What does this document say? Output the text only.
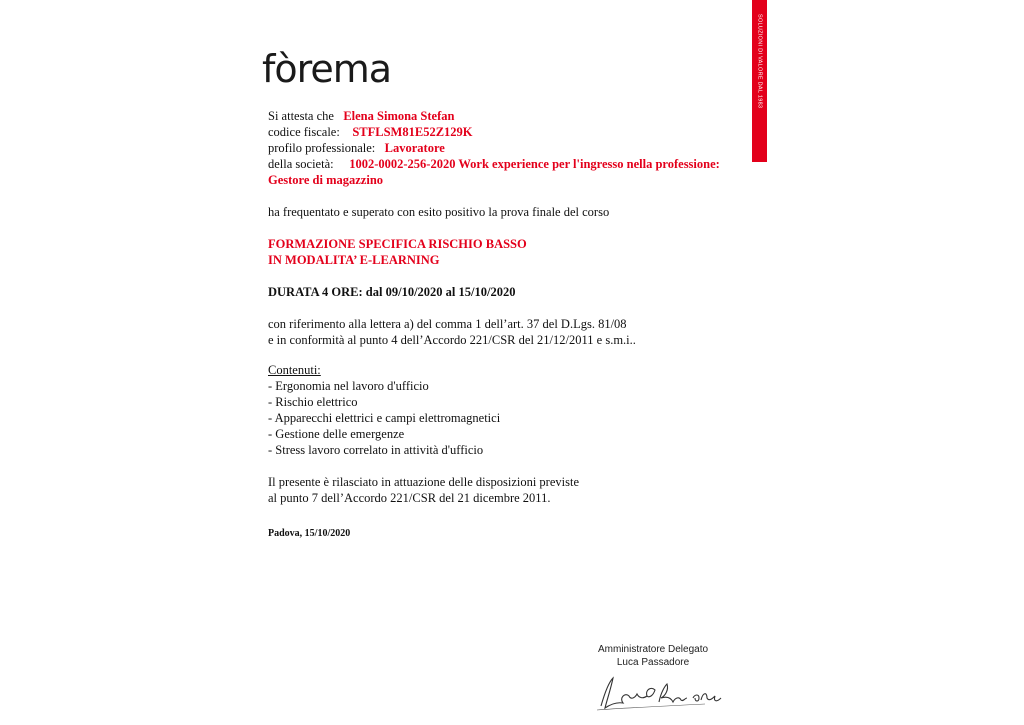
fòrema	SOLUZIONI DI VALORE DAL 1983
Si attesta che Elena Simona Stefan
codice fiscale: STFLSM81E52Z129K
profilo professionale: Lavoratore
della società: 1002-0002-256-2020 Work experience per l'ingresso nella professione:
Gestore di magazzino
ha frequentato e superato con esito positivo la prova finale del corso
FORMAZIONE SPECIFICA RISCHIO BASSO
IN MODALITA’ E-LEARNING
DURATA 4 ORE: dal 09/10/2020 al 15/10/2020
con riferimento alla lettera a) del comma 1 dell’art. 37 del D.Lgs. 81/08
e in conformità al punto 4 dell’Accordo 221/CSR del 21/12/2011 e s.m.i..
Contenuti:
- Ergonomia nel lavoro d'ufficio
- Rischio elettrico
- Apparecchi elettrici e campi elettromagnetici
- Gestione delle emergenze
- Stress lavoro correlato in attività d'ufficio
Il presente è rilasciato in attuazione delle disposizioni previste
al punto 7 dell’Accordo 221/CSR del 21 dicembre 2011.
Padova, 15/10/2020
Amministratore Delegato
Luca Passadore
